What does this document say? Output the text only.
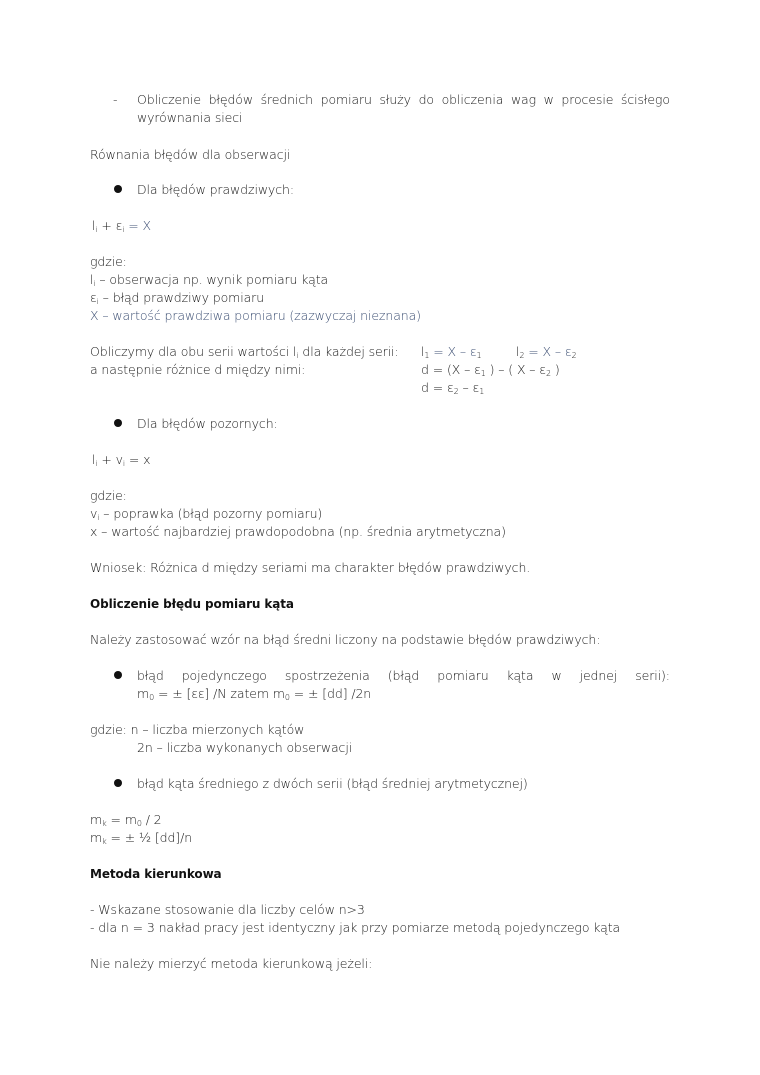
- Obliczenie błędów średnich pomiaru służy do obliczenia wag w procesie ścisłego
wyrównania sieci
Równania błędów dla obserwacji
Dla błędów prawdziwych:
$l_i + \varepsilon_i = X$
gdzie:
$l_i$ – obserwacja np. wynik pomiaru kąta
$\varepsilon_i$ – błąd prawdziwy pomiaru
X – wartość prawdziwa pomiaru (zazwyczaj nieznana)
Obliczymy dla obu serii wartości $l_i$ dla każdej serii:
a następnie różnice d między nimi:
$l_1 = X - \varepsilon_1$	$l_2 = X - \varepsilon_2$
$d = (X - \varepsilon_1$ ) – ( X – $\varepsilon_2$ )
$d = \varepsilon_2 - \varepsilon_1$
Dla błędów pozornych:
$l_i + v_i = x$
gdzie:
$v_i$ – poprawka (błąd pozorny pomiaru)
x – wartość najbardziej prawdopodobna (np. średnia arytmetyczna)
Wniosek: Różnica d między seriami ma charakter błędów prawdziwych.
Obliczenie błędu pomiaru kąta
Należy zastosować wzór na błąd średni liczony na podstawie błędów prawdziwych:
błąd pojedynczego spostrzeżenia (błąd pomiaru kąta w jednej serii):
$m_0$ = ± [εε] /N zatem $m_0$ = ± [dd] /2n
gdzie: n – liczba mierzonych kątów
2n – liczba wykonanych obserwacji
błąd kąta średniego z dwóch serii (błąd średniej arytmetycznej)
$m_k = m_0 / 2$
$m_k$ = ± ½ [dd]/n
Metoda kierunkowa
- Wskazane stosowanie dla liczby celów n>3
- dla n = 3 nakład pracy jest identyczny jak przy pomiarze metodą pojedynczego kąta
Nie należy mierzyć metoda kierunkową jeżeli:
